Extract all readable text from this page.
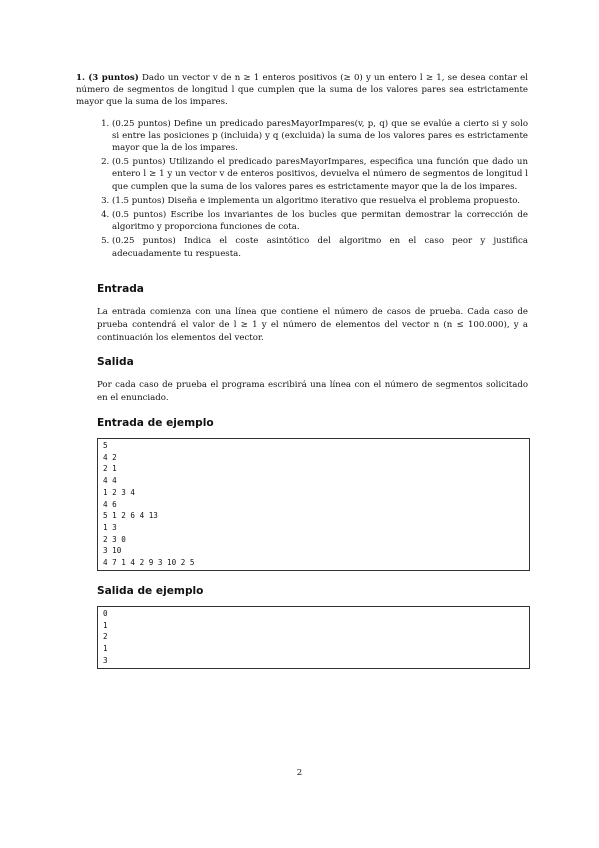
1. (3 puntos) Dado un vector v de n ≥ 1 enteros positivos (≥ 0) y un entero l ≥ 1, se desea contar el número de segmentos de longitud l que cumplen que la suma de los valores pares sea estrictamente mayor que la suma de los impares.

1. (0.25 puntos) Define un predicado paresMayorImpares(v, p, q) que se evalúe a cierto si y solo si entre las posiciones p (incluida) y q (excluida) la suma de los valores pares es estrictamente mayor que la de los impares.
2. (0.5 puntos) Utilizando el predicado paresMayorImpares, especifica una función que dado un entero l ≥ 1 y un vector v de enteros positivos, devuelva el número de segmentos de longitud l que cumplen que la suma de los valores pares es estrictamente mayor que la de los impares.
3. (1.5 puntos) Diseña e implementa un algoritmo iterativo que resuelva el problema propuesto.
4. (0.5 puntos) Escribe los invariantes de los bucles que permitan demostrar la corrección de algoritmo y proporciona funciones de cota.
5. (0.25 puntos) Indica el coste asintótico del algoritmo en el caso peor y justifica adecuadamente tu respuesta.
Entrada
La entrada comienza con una línea que contiene el número de casos de prueba. Cada caso de prueba contendrá el valor de l ≥ 1 y el número de elementos del vector n (n ≤ 100.000), y a continuación los elementos del vector.
Salida
Por cada caso de prueba el programa escribirá una línea con el número de segmentos solicitado en el enunciado.
Entrada de ejemplo
5
4 2
2 1
4 4
1 2 3 4
4 6
5 1 2 6 4 13
1 3
2 3 0
3 10
4 7 1 4 2 9 3 10 2 5
Salida de ejemplo
0
1
2
1
3
2
